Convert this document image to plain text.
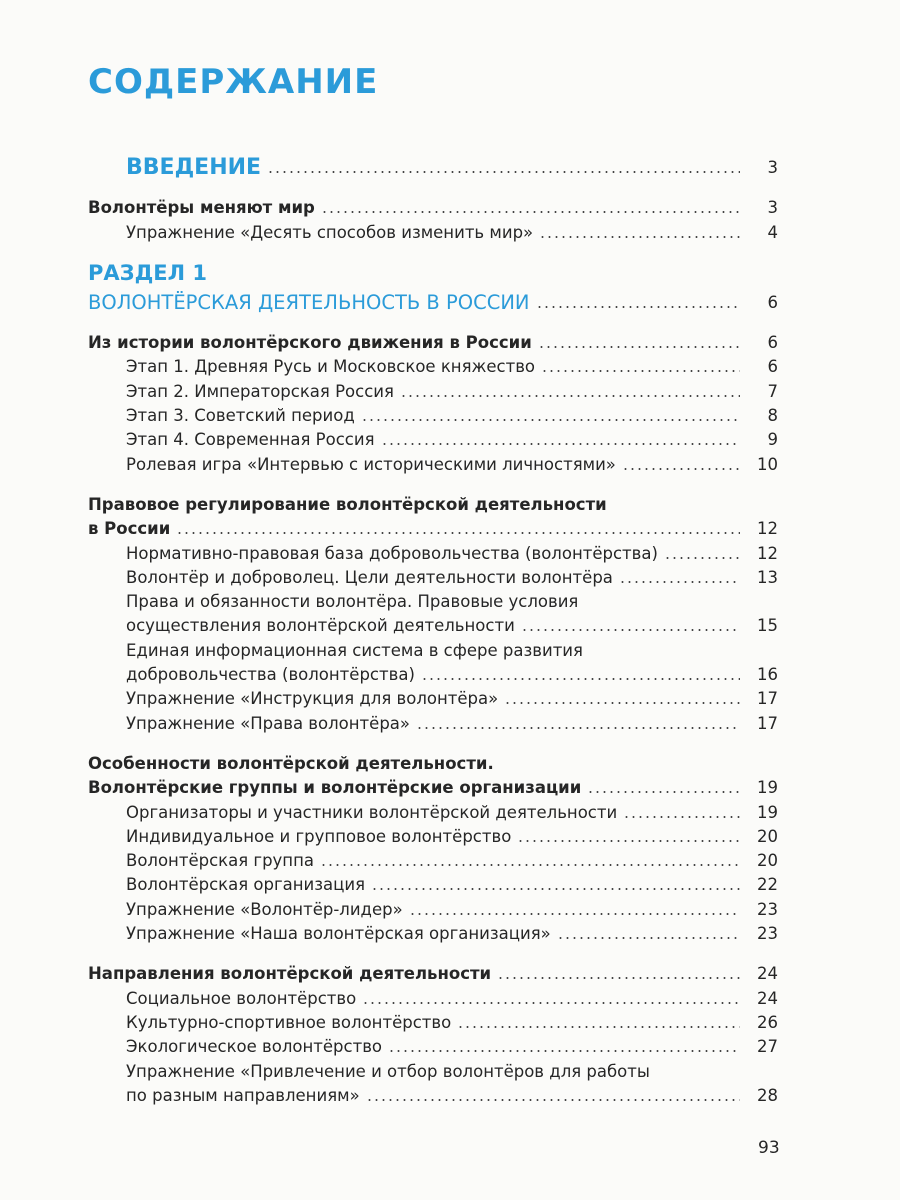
СОДЕРЖАНИЕ
ВВЕДЕНИЕ	3
Волонтёры меняют мир	3
Упражнение «Десять способов изменить мир»	4
РАЗДЕЛ 1
ВОЛОНТЁРСКАЯ ДЕЯТЕЛЬНОСТЬ В РОССИИ	6
Из истории волонтёрского движения в России	6
Этап 1. Древняя Русь и Московское княжество	6
Этап 2. Императорская Россия	7
Этап 3. Советский период	8
Этап 4. Современная Россия	9
Ролевая игра «Интервью с историческими личностями»	10
Правовое регулирование волонтёрской деятельности
в России	12
Нормативно-правовая база добровольчества (волонтёрства)	12
Волонтёр и доброволец. Цели деятельности волонтёра	13
Права и обязанности волонтёра. Правовые условия
осуществления волонтёрской деятельности	15
Единая информационная система в сфере развития
добровольчества (волонтёрства)	16
Упражнение «Инструкция для волонтёра»	17
Упражнение «Права волонтёра»	17
Особенности волонтёрской деятельности.
Волонтёрские группы и волонтёрские организации	19
Организаторы и участники волонтёрской деятельности	19
Индивидуальное и групповое волонтёрство	20
Волонтёрская группа	20
Волонтёрская организация	22
Упражнение «Волонтёр-лидер»	23
Упражнение «Наша волонтёрская организация»	23
Направления волонтёрской деятельности	24
Социальное волонтёрство	24
Культурно-спортивное волонтёрство	26
Экологическое волонтёрство	27
Упражнение «Привлечение и отбор волонтёров для работы
по разным направлениям»	28
93
